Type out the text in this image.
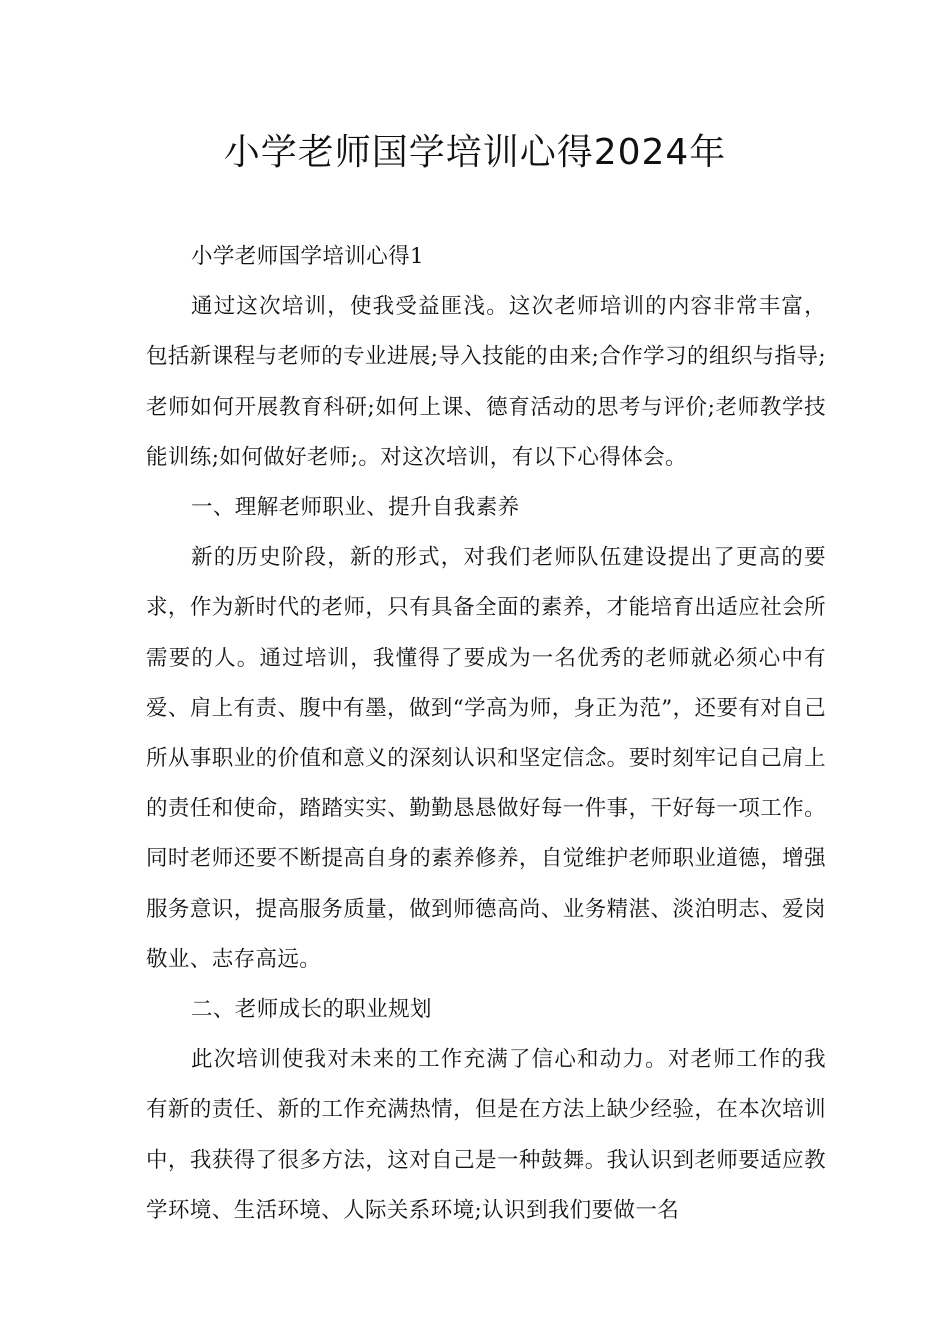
小学老师国学培训心得2024年

小学老师国学培训心得1

通过这次培训，使我受益匪浅。这次老师培训的内容非常丰富，包括新课程与老师的专业进展;导入技能的由来;合作学习的组织与指导;老师如何开展教育科研;如何上课、德育活动的思考与评价;老师教学技能训练;如何做好老师;。对这次培训，有以下心得体会。

一、理解老师职业、提升自我素养

新的历史阶段，新的形式，对我们老师队伍建设提出了更高的要求，作为新时代的老师，只有具备全面的素养，才能培育出适应社会所需要的人。通过培训，我懂得了要成为一名优秀的老师就必须心中有爱、肩上有责、腹中有墨，做到“学高为师，身正为范”，还要有对自己所从事职业的价值和意义的深刻认识和坚定信念。要时刻牢记自己肩上的责任和使命，踏踏实实、勤勤恳恳做好每一件事，干好每一项工作。同时老师还要不断提高自身的素养修养，自觉维护老师职业道德，增强服务意识，提高服务质量，做到师德高尚、业务精湛、淡泊明志、爱岗敬业、志存高远。

二、老师成长的职业规划

此次培训使我对未来的工作充满了信心和动力。对老师工作的我有新的责任、新的工作充满热情，但是在方法上缺少经验，在本次培训中，我获得了很多方法，这对自己是一种鼓舞。我认识到老师要适应教学环境、生活环境、人际关系环境;认识到我们要做一名
